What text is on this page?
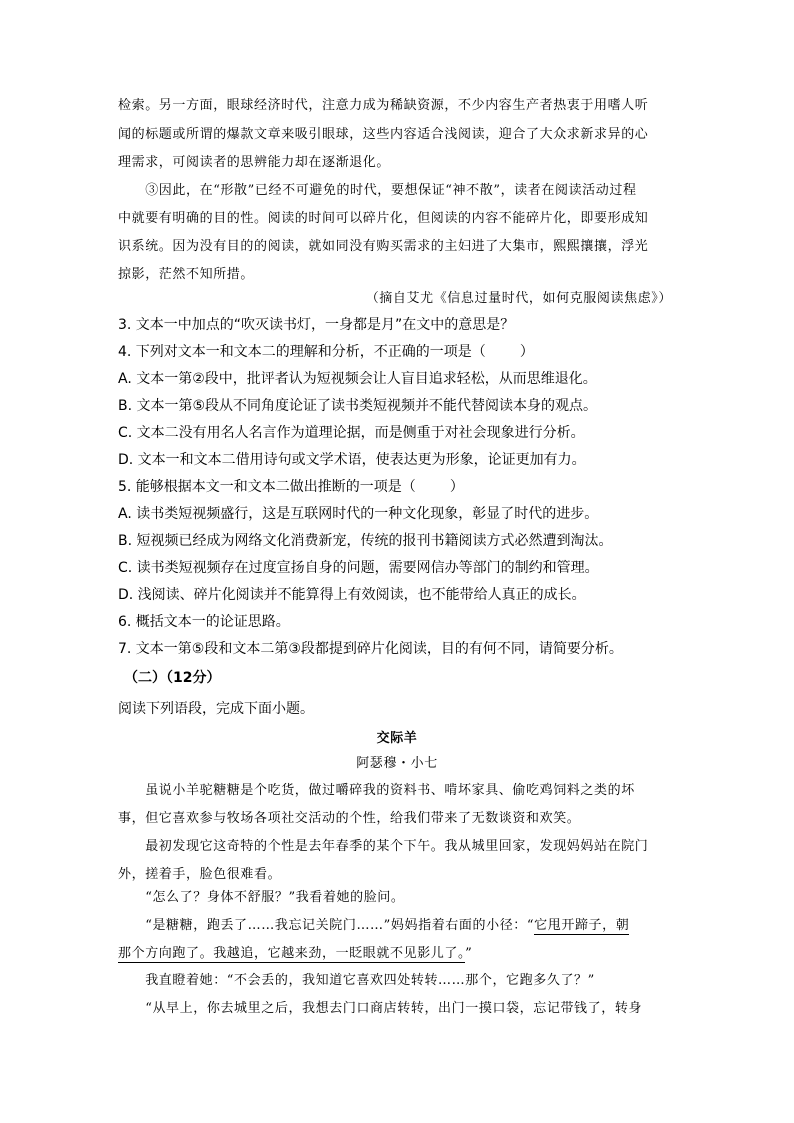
检索。另一方面，眼球经济时代，注意力成为稀缺资源，不少内容生产者热衷于用嗜人听
闻的标题或所谓的爆款文章来吸引眼球，这些内容适合浅阅读，迎合了大众求新求异的心
理需求，可阅读者的思辨能力却在逐渐退化。
　　③因此，在“形散”已经不可避免的时代，要想保证“神不散”，读者在阅读活动过程
中就要有明确的目的性。阅读的时间可以碎片化，但阅读的内容不能碎片化，即要形成知
识系统。因为没有目的的阅读，就如同没有购买需求的主妇进了大集市，熙熙攘攘，浮光
掠影，茫然不知所措。
（摘自艾尤《信息过量时代，如何克服阅读焦虑》）
3. 文本一中加点的“吹灭读书灯，一身都是月”在文中的意思是？
4. 下列对文本一和文本二的理解和分析，不正确的一项是（ ）
A. 文本一第②段中，批评者认为短视频会让人盲目追求轻松，从而思维退化。
B. 文本一第⑤段从不同角度论证了读书类短视频并不能代替阅读本身的观点。
C. 文本二没有用名人名言作为道理论据，而是侧重于对社会现象进行分析。
D. 文本一和文本二借用诗句或文学术语，使表达更为形象，论证更加有力。
5. 能够根据本文一和文本二做出推断的一项是（ ）
A. 读书类短视频盛行，这是互联网时代的一种文化现象，彰显了时代的进步。
B. 短视频已经成为网络文化消费新宠，传统的报刊书籍阅读方式必然遭到淘汰。
C. 读书类短视频存在过度宣扬自身的问题，需要网信办等部门的制约和管理。
D. 浅阅读、碎片化阅读并不能算得上有效阅读，也不能带给人真正的成长。
6. 概括文本一的论证思路。
7. 文本一第⑤段和文本二第③段都提到碎片化阅读，目的有何不同，请简要分析。
（二）（12分）
阅读下列语段，完成下面小题。
交际羊
阿瑟穆・小七
　　虽说小羊驼糖糖是个吃货，做过嚼碎我的资料书、啃坏家具、偷吃鸡饲料之类的坏
事，但它喜欢参与牧场各项社交活动的个性，给我们带来了无数谈资和欢笑。
　　最初发现它这奇特的个性是去年春季的某个下午。我从城里回家，发现妈妈站在院门
外，搓着手，脸色很难看。
　　“怎么了？身体不舒服？”我看着她的脸问。
　　“是糖糖，跑丢了……我忘记关院门……”妈妈指着右面的小径：“它甩开蹄子，朝
那个方向跑了。我越追，它越来劲，一眨眼就不见影儿了。”
　　我直瞪着她：“不会丢的，我知道它喜欢四处转转……那个，它跑多久了？”
　　“从早上，你去城里之后，我想去门口商店转转，出门一摸口袋，忘记带钱了，转身
